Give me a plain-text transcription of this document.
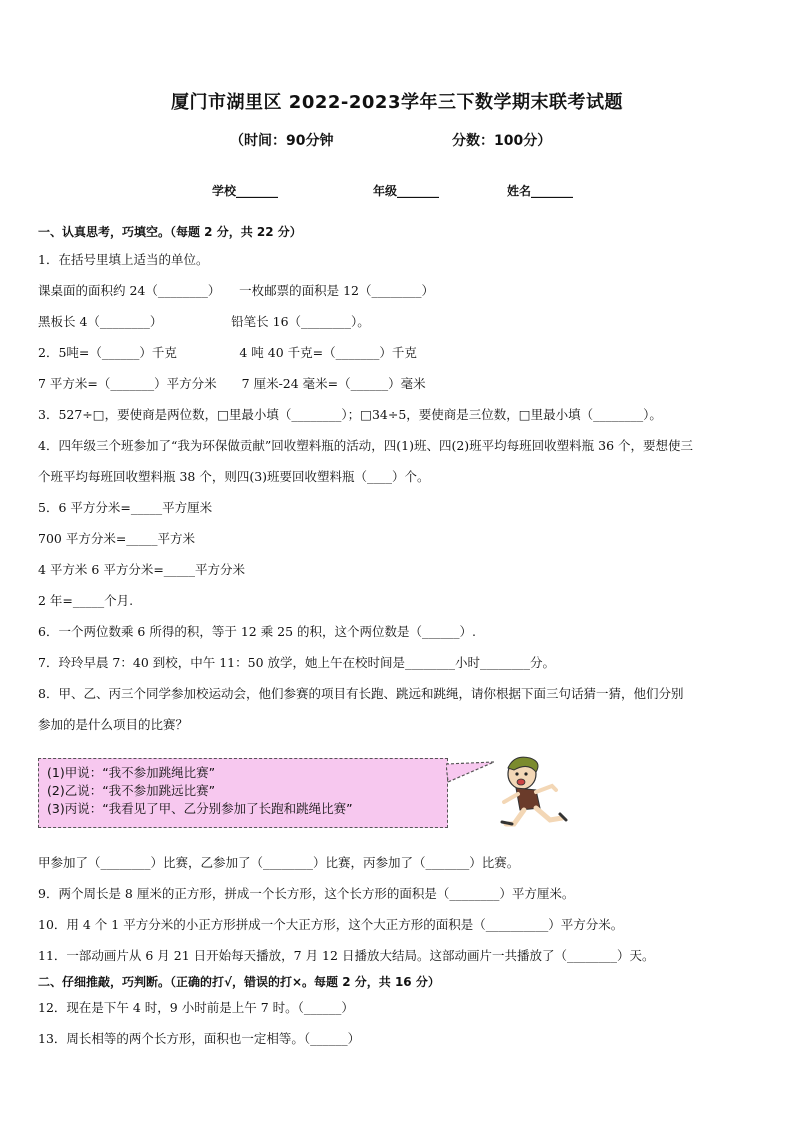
厦门市湖里区 2022-2023学年三下数学期末联考试题
（时间：90分钟	分数：100分）
学校_______	年级_______	姓名_______
一、认真思考，巧填空。（每题 2 分，共 22 分）
1．在括号里填上适当的单位。
课桌面的面积约 24（________）　　一枚邮票的面积是 12（________）
黑板长 4（________）　　　　　　铅笔长 16（________）。
2．5吨=（______）千克　　　　　4 吨 40 千克=（_______）千克
7 平方米=（_______）平方分米　　7 厘米-24 毫米=（______）毫米
3．527÷□，要使商是两位数，□里最小填（________）；□34÷5，要使商是三位数，□里最小填（________）。
4．四年级三个班参加了“我为环保做贡献”回收塑料瓶的活动，四(1)班、四(2)班平均每班回收塑料瓶 36 个，要想使三
个班平均每班回收塑料瓶 38 个，则四(3)班要回收塑料瓶（____）个。
5．6 平方分米=_____平方厘米
700 平方分米=_____平方米
4 平方米 6 平方分米=_____平方分米
2 年=_____个月.
6．一个两位数乘 6 所得的积，等于 12 乘 25 的积，这个两位数是（______）.
7．玲玲早晨 7：40 到校，中午 11：50 放学，她上午在校时间是________小时________分。
8．甲、乙、丙三个同学参加校运动会，他们参赛的项目有长跑、跳远和跳绳，请你根据下面三句话猜一猜，他们分别
参加的是什么项目的比赛？
(1)甲说：“我不参加跳绳比赛”
(2)乙说：“我不参加跳远比赛”
(3)丙说：“我看见了甲、乙分别参加了长跑和跳绳比赛”
甲参加了（________）比赛，乙参加了（________）比赛，丙参加了（_______）比赛。
9．两个周长是 8 厘米的正方形，拼成一个长方形，这个长方形的面积是（________）平方厘米。
10．用 4 个 1 平方分米的小正方形拼成一个大正方形，这个大正方形的面积是（__________）平方分米。
11．一部动画片从 6 月 21 日开始每天播放，7 月 12 日播放大结局。这部动画片一共播放了（________）天。
二、仔细推敲，巧判断。（正确的打√，错误的打×。每题 2 分，共 16 分）
12．现在是下午 4 时，9 小时前是上午 7 时。（______）
13．周长相等的两个长方形，面积也一定相等。（______）
